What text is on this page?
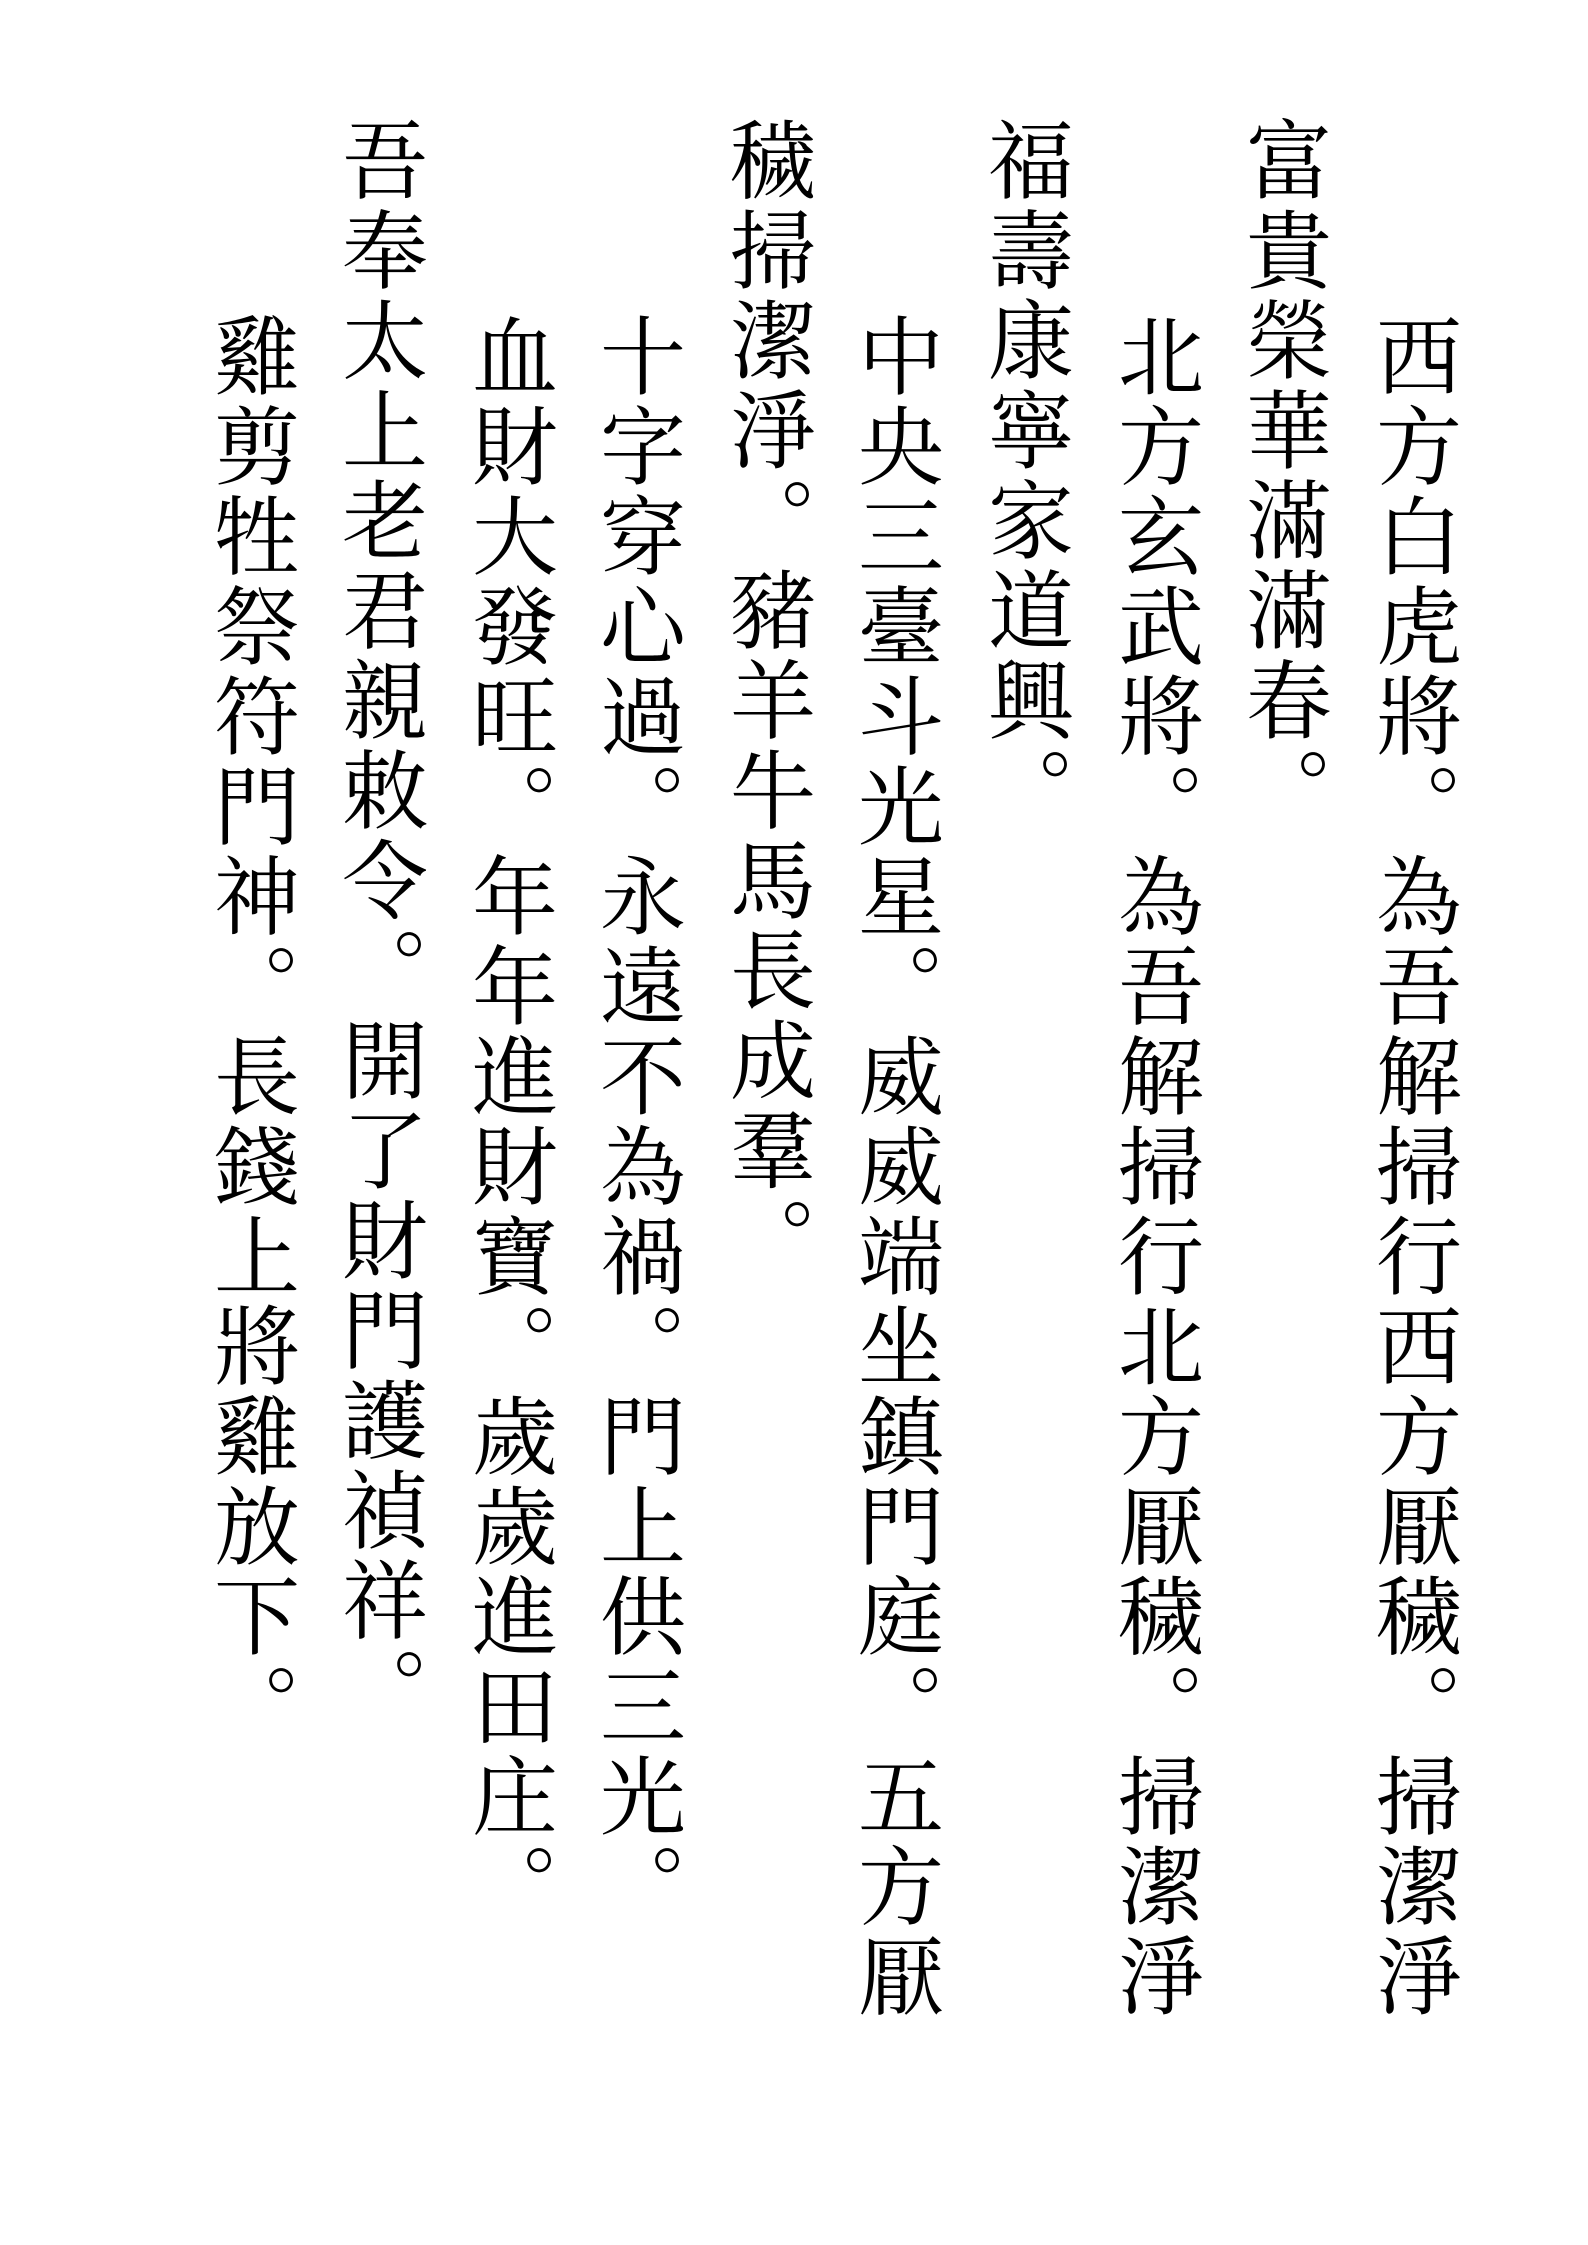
西方白虎將。為吾解掃行西方厭穢。掃潔淨
富貴榮華滿滿春。
北方玄武將。為吾解掃行北方厭穢。掃潔淨
福壽康寧家道興。
中央三臺斗光星。威威端坐鎮門庭。五方厭
穢掃潔淨。豬羊牛馬長成羣。
十字穿心過。永遠不為禍。門上供三光。
血財大發旺。年年進財寶。歲歲進田庄。
吾奉太上老君親敕令。開了財門護禎祥。
雞剪牲祭符門神。長錢上將雞放下。
